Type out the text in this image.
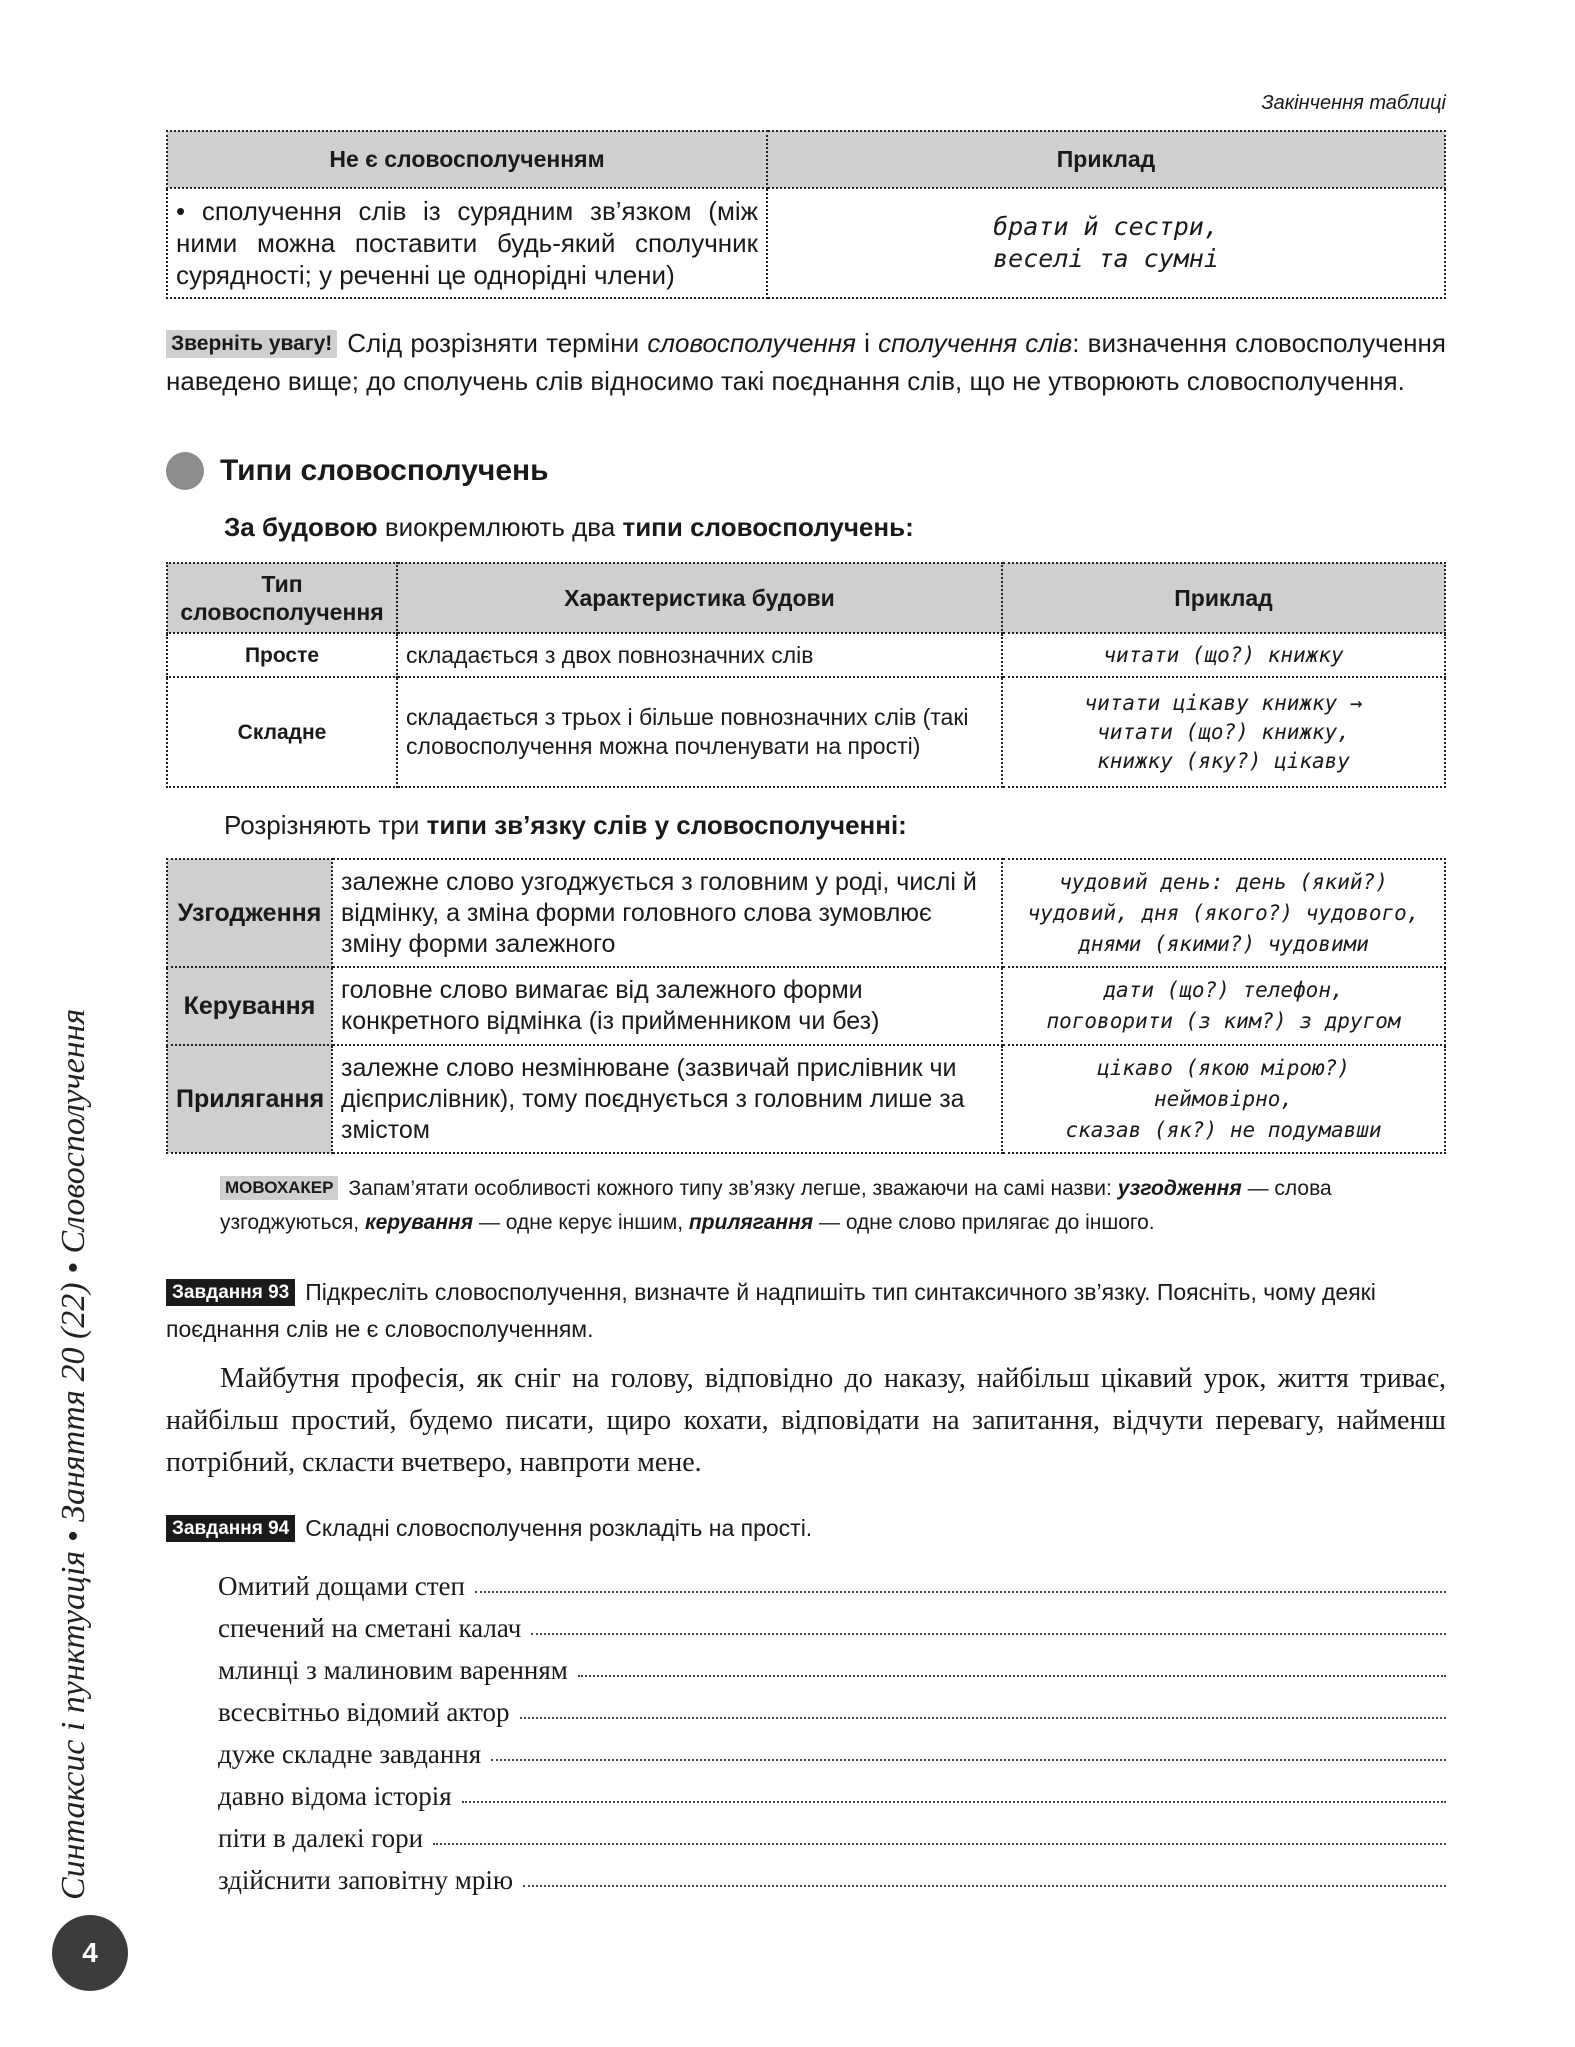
Закінчення таблиці
Не є словосполученням	Приклад
• сполучення слів із сурядним зв’язком (між ними можна поставити будь-який сполучник сурядності; у реченні це однорідні члени)	брати й сестри,
веселі та сумні
Зверніть увагу! Слід розрізняти терміни словосполучення і сполучення слів: визначення словосполучення наведено вище; до сполучень слів відносимо такі поєднання слів, що не утворюють словосполучення.
Типи словосполучень
За будовою виокремлюють два типи словосполучень:
Тип словосполучення	Характеристика будови	Приклад
Просте	складається з двох повнозначних слів	читати (що?) книжку

Складне	складається з трьох і більше повнозначних слів (такі словосполучення можна почленувати на прості)	читати цікаву книжку →
читати (що?) книжку,
книжку (яку?) цікаву
Розрізняють три типи зв’язку слів у словосполученні:
Узгодження	залежне слово узгоджується з головним у роді, числі й відмінку, а зміна форми головного слова зумовлює зміну форми залежного	чудовий день: день (який?)
чудовий, дня (якого?) чудового,
днями (якими?) чудовими

Керування	головне слово вимагає від залежного форми конкретного відмінка (із прийменником чи без)	дати (що?) телефон,
поговорити (з ким?) з другом

Прилягання	залежне слово незмінюване (зазвичай прислівник чи дієприслівник), тому поєднується з головним лише за змістом	цікаво (якою мірою?)
неймовірно,
сказав (як?) не подумавши
МОВОХАКЕР Запам’ятати особливості кожного типу зв’язку легше, зважаючи на самі назви: узгодження — слова узгоджуються, керування — одне керує іншим, прилягання — одне слово прилягає до іншого.
Завдання 93 Підкресліть словосполучення, визначте й надпишіть тип синтаксичного зв’язку. Поясніть, чому деякі поєднання слів не є словосполученням.
Майбутня професія, як сніг на голову, відповідно до наказу, найбільш цікавий урок, життя триває, найбільш простий, будемо писати, щиро кохати, відповідати на запитання, відчути перевагу, найменш потрібний, скласти вчетверо, навпроти мене.
Завдання 94 Складні словосполучення розкладіть на прості.
Омитий дощами степ
спечений на сметані калач
млинці з малиновим варенням
всесвітньо відомий актор
дуже складне завдання
давно відома історія
піти в далекі гори
здійснити заповітну мрію
Синтаксис і пунктуація • Заняття 20 (22) • Словосполучення
4
